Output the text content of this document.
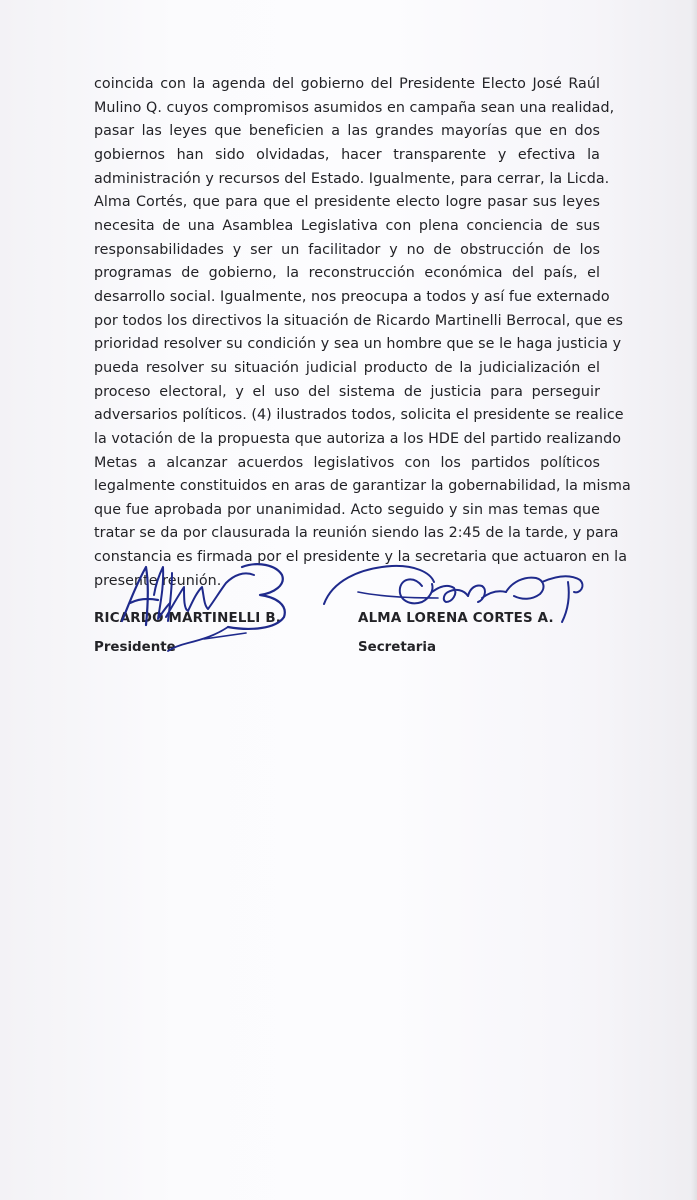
coincida con la agenda del gobierno del Presidente Electo José Raúl
Mulino Q. cuyos compromisos asumidos en campaña sean una realidad,
pasar las leyes que beneficien a las grandes mayorías que en dos
gobiernos han sido olvidadas, hacer transparente y efectiva la
administración y recursos del Estado. Igualmente, para cerrar, la Licda.
Alma Cortés, que para que el presidente electo logre pasar sus leyes
necesita de una Asamblea Legislativa con plena conciencia de sus
responsabilidades y ser un facilitador y no de obstrucción de los
programas de gobierno, la reconstrucción económica del país, el
desarrollo social. Igualmente, nos preocupa a todos y así fue externado
por todos los directivos la situación de Ricardo Martinelli Berrocal, que es
prioridad resolver su condición y sea un hombre que se le haga justicia y
pueda resolver su situación judicial producto de la judicialización el
proceso electoral, y el uso del sistema de justicia para perseguir
adversarios políticos. (4) ilustrados todos, solicita el presidente se realice
la votación de la propuesta que autoriza a los HDE del partido realizando
Metas a alcanzar acuerdos legislativos con los partidos políticos
legalmente constituidos en aras de garantizar la gobernabilidad, la misma
que fue aprobada por unanimidad. Acto seguido y sin mas temas que
tratar se da por clausurada la reunión siendo las 2:45 de la tarde, y para
constancia es firmada por el presidente y la secretaria que actuaron en la
presente reunión.
RICARDO MARTINELLI B.
Presidente
ALMA LORENA CORTES A.
Secretaria
